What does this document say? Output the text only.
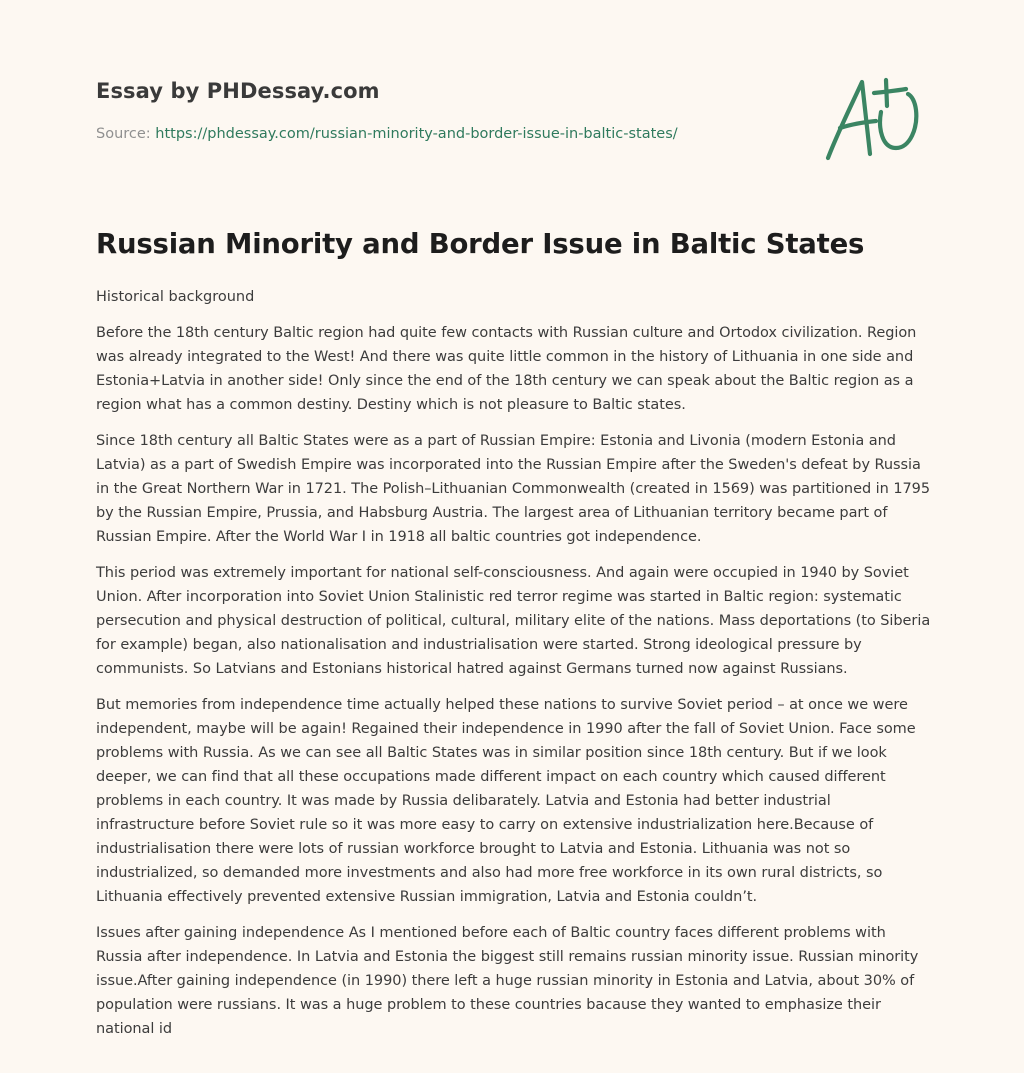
Essay by PHDessay.com
Source: https://phdessay.com/russian-minority-and-border-issue-in-baltic-states/
Russian Minority and Border Issue in Baltic States
Historical background

Before the 18th century Baltic region had quite few contacts with Russian culture and Ortodox civilization. Region was already integrated to the West! And there was quite little common in the history of Lithuania in one side and Estonia+Latvia in another side! Only since the end of the 18th century we can speak about the Baltic region as a region what has a common destiny. Destiny which is not pleasure to Baltic states.

Since 18th century all Baltic States were as a part of Russian Empire: Estonia and Livonia (modern Estonia and Latvia) as a part of Swedish Empire was incorporated into the Russian Empire after the Sweden's defeat by Russia in the Great Northern War in 1721. The Polish–Lithuanian Commonwealth (created in 1569) was partitioned in 1795 by the Russian Empire, Prussia, and Habsburg Austria. The largest area of Lithuanian territory became part of Russian Empire. After the World War I in 1918 all baltic countries got independence.

This period was extremely important for national self-consciousness. And again were occupied in 1940 by Soviet Union. After incorporation into Soviet Union Stalinistic red terror regime was started in Baltic region: systematic persecution and physical destruction of political, cultural, military elite of the nations. Mass deportations (to Siberia for example) began, also nationalisation and industrialisation were started. Strong ideological pressure by communists. So Latvians and Estonians historical hatred against Germans turned now against Russians.

But memories from independence time actually helped these nations to survive Soviet period – at once we were independent, maybe will be again! Regained their independence in 1990 after the fall of Soviet Union. Face some problems with Russia. As we can see all Baltic States was in similar position since 18th century. But if we look deeper, we can find that all these occupations made different impact on each country which caused different problems in each country. It was made by Russia delibarately. Latvia and Estonia had better industrial infrastructure before Soviet rule so it was more easy to carry on extensive industrialization here.Because of industrialisation there were lots of russian workforce brought to Latvia and Estonia. Lithuania was not so industrialized, so demanded more investments and also had more free workforce in its own rural districts, so Lithuania effectively prevented extensive Russian immigration, Latvia and Estonia couldn’t.

Issues after gaining independence As I mentioned before each of Baltic country faces different problems with Russia after independence. In Latvia and Estonia the biggest still remains russian minority issue. Russian minority issue.After gaining independence (in 1990) there left a huge russian minority in Estonia and Latvia, about 30% of population were russians. It was a huge problem to these countries bacause they wanted to emphasize their national id
